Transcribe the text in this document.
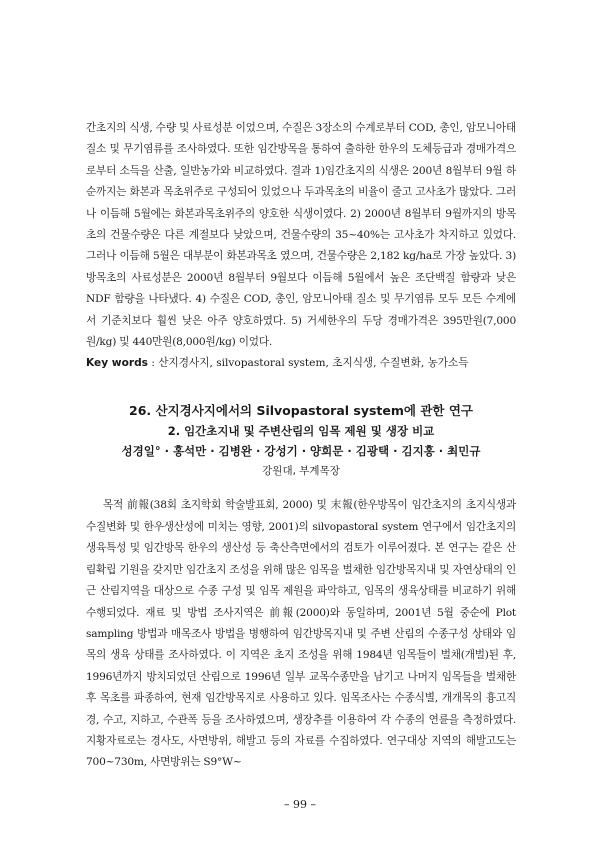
간초지의 식생, 수량 및 사료성분 이었으며, 수질은 3장소의 수계로부터 COD, 총인, 암모니아태 질소 및 무기염류를 조사하였다. 또한 임간방목을 통하여 출하한 한우의 도체등급과 경매가격으로부터 소득을 산출, 일반농가와 비교하였다. 결과 1)임간초지의 식생은 200년 8월부터 9월 하순까지는 화본과 목초위주로 구성되어 있었으나 두과목초의 비율이 줄고 고사초가 많았다. 그러나 이듬해 5월에는 화본과목초위주의 양호한 식생이였다. 2) 2000년 8월부터 9월까지의 방목초의 건물수량은 다른 계절보다 낮았으며, 건물수량의 35~40%는 고사초가 차지하고 있었다. 그러나 이듬해 5월은 대부분이 화본과목초 였으며, 건물수량은 2,182 kg/ha로 가장 높았다. 3) 방목초의 사료성분은 2000년 8월부터 9월보다 이듬해 5월에서 높은 조단백질 함량과 낮은 NDF 함량을 나타냈다. 4) 수질은 COD, 총인, 암모니아태 질소 및 무기염류 모두 모든 수계에서 기준치보다 훨씬 낮은 아주 양호하였다. 5) 거세한우의 두당 경매가격은 395만원(7,000원/kg) 및 440만원(8,000원/kg) 이었다.

Key words : 산지경사지, silvopastoral system, 초지식생, 수질변화, 농가소득

26. 산지경사지에서의 Silvopastoral system에 관한 연구
2. 임간초지내 및 주변산림의 임목 제원 및 생장 비교
성경일° · 홍석만 · 김병완 · 강성기 · 양희문 · 김광택 · 김지홍 · 최민규
강원대, 부계목장

목적 前報(38회 초지학회 학술발표회, 2000) 및 末報(한우방목이 임간초지의 초지식생과 수질변화 및 한우생산성에 미치는 영향, 2001)의 silvopastoral system 연구에서 임간초지의 생육특성 및 임간방목 한우의 생산성 등 축산측면에서의 검토가 이루어졌다. 본 연구는 같은 산림확립 기원을 갖지만 임간초지 조성을 위해 많은 임목을 벌채한 임간방목지내 및 자연상태의 인근 산림지역을 대상으로 수종 구성 및 임목 제원을 파악하고, 임목의 생육상태를 비교하기 위해 수행되었다. 재료 및 방법 조사지역은 前報(2000)와 동일하며, 2001년 5월 중순에 Plot sampling 방법과 매목조사 방법을 병행하여 임간방목지내 및 주변 산림의 수종구성 상태와 임목의 생육 상태를 조사하였다. 이 지역은 초지 조성을 위해 1984년 임목들이 벌채(개벌)된 후, 1996년까지 방치되었던 산림으로 1996년 일부 교목수종만을 남기고 나머지 임목들을 벌채한 후 목초를 파종하여, 현재 임간방목지로 사용하고 있다. 임목조사는 수종식별, 개개목의 흉고직경, 수고, 지하고, 수관폭 등을 조사하였으며, 생장추를 이용하여 각 수종의 연륜을 측정하였다. 지황자료로는 경사도, 사면방위, 해발고 등의 자료를 수집하였다. 연구대상 지역의 해발고도는 700~730m, 사면방위는 S9°W~

– 99 –
